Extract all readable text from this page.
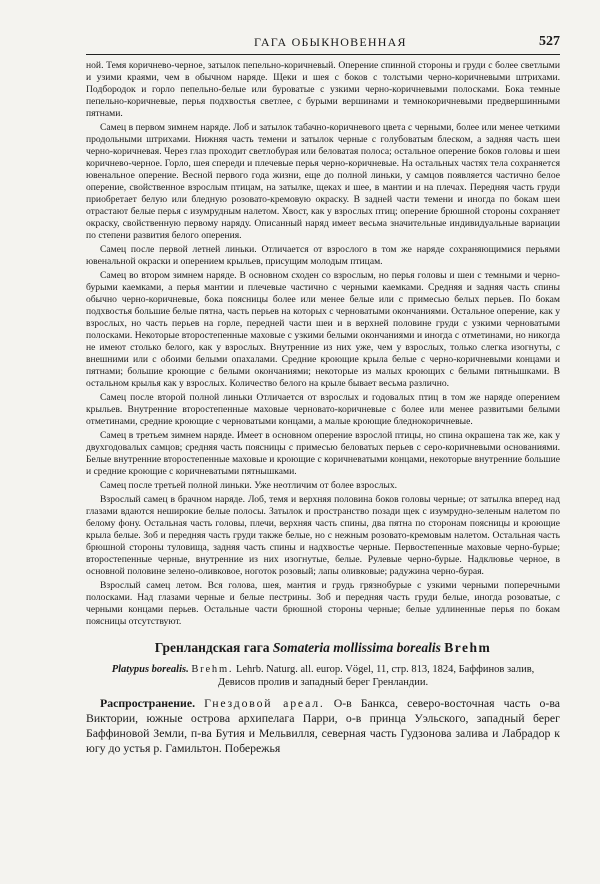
ГАГА ОБЫКНОВЕННАЯ	527

ной. Темя коричнево-черное, затылок пепельно-коричневый. Оперение спинной стороны и груди с более светлыми и узими краями, чем в обычном наряде. Щеки и шея с боков с толстыми черно-коричневыми штрихами. Подбородок и горло пепельно-белые или буроватые с узкими черно-коричневыми полосками. Бока темные пепельно-коричневые, перья подхвостья светлее, с бурыми вершинами и темнокоричневыми предвершинными пятнами.

Самец в первом зимнем наряде. Лоб и затылок табачно-коричневого цвета с черными, более или менее четкими продольными штрихами. Нижняя часть темени и затылок черные с голубоватым блеском, а задняя часть шеи черно-коричневая. Через глаз проходит светлобурая или беловатая полоса; остальное оперение боков головы и шеи коричнево-черное. Горло, шея спереди и плечевые перья черно-коричневые. На остальных частях тела сохраняется ювенальное оперение. Весной первого года жизни, еще до полной линьки, у самцов появляется частично белое оперение, свойственное взрослым птицам, на затылке, щеках и шее, в мантии и на плечах. Передняя часть груди приобретает белую или бледную розовато-кремовую окраску. В задней части темени и иногда по бокам шеи отрастают белые перья с изумрудным налетом. Хвост, как у взрослых птиц; оперение брюшной стороны сохраняет окраску, свойственную первому наряду. Описанный наряд имеет весьма значительные индивидуальные вариации по степени развития белого оперения.

Самец после первой летней линьки. Отличается от взрослого в том же наряде сохраняющимися перьями ювенальной окраски и оперением крыльев, присущим молодым птицам.

Самец во втором зимнем наряде. В основном сходен со взрослым, но перья головы и шеи с темными и черно-бурыми каемками, а перья мантии и плечевые частично с черными каемками. Средняя и задняя часть спины обычно черно-коричневые, бока поясницы более или менее белые или с примесью белых перьев. По бокам подхвостья большие белые пятна, часть перьев на которых с черноватыми окончаниями. Остальное оперение, как у взрослых, но часть перьев на горле, передней части шеи и в верхней половине груди с узкими черноватыми полосками. Некоторые второстепенные маховые с узкими белыми окончаниями и иногда с отметинами, но никогда не имеют столько белого, как у взрослых. Внутренние из них уже, чем у взрослых, только слегка изогнуты, с внешними или с обоими белыми опахалами. Средние кроющие крыла белые с черно-коричневыми концами и пятнами; большие кроющие с белыми окончаниями; некоторые из малых кроющих с белыми пятнышками. В остальном крылья как у взрослых. Количество белого на крыле бывает весьма различно.

Самец после второй полной линьки Отличается от взрослых и годовалых птиц в том же наряде оперением крыльев. Внутренние второстепенные маховые черновато-коричневые с более или менее развитыми белыми отметинами, средние кроющие с черноватыми концами, а малые кроющие бледнокоричневые.

Самец в третьем зимнем наряде. Имеет в основном оперение взрослой птицы, но спина окрашена так же, как у двухгодовалых самцов; средняя часть поясницы с примесью беловатых перьев с серо-коричневыми основаниями. Белые внутренние второстепенные маховые и кроющие с коричневатыми концами, некоторые внутренние большие и средние кроющие с коричневатыми пятнышками.

Самец после третьей полной линьки. Уже неотличим от более взрослых.

Взрослый самец в брачном наряде. Лоб, темя и верхняя половина боков головы черные; от затылка вперед над глазами вдаются неширокие белые полосы. Затылок и пространство позади щек с изумрудно-зеленым налетом по белому фону. Остальная часть головы, плечи, верхняя часть спины, два пятна по сторонам поясницы и кроющие крыла белые. Зоб и передняя часть груди также белые, но с нежным розовато-кремовым налетом. Остальная часть брюшной стороны туловища, задняя часть спины и надхвостье черные. Первостепенные маховые черно-бурые; второстепенные черные, внутренние из них изогнутые, белые. Рулевые черно-бурые. Надклювье черное, в основной половине зелено-оливковое, ноготок розовый; лапы оливковые; радужина черно-бурая.

Взрослый самец летом. Вся голова, шея, мантия и грудь грязнобурые с узкими черными поперечными полосками. Над глазами черные и белые пестрины. Зоб и передняя часть груди белые, иногда розоватые, с черными концами перьев. Остальные части брюшной стороны черные; белые удлиненные перья по бокам поясницы отсутствуют.

Гренландская гага Somateria mollissima borealis Brehm
Platypus borealis. Brehm. Lehrb. Naturg. all. europ. Vögel, 11, стр. 813, 1824, Баффинов залив, Девисов пролив и западный берег Гренландии.

Распространение. Гнездовой ареал. О-в Банкса, северо-восточная часть о-ва Виктории, южные острова архипелага Парри, о-в принца Уэльского, западный берег Баффиновой Земли, п-ва Бутия и Мельвилля, северная часть Гудзонова залива и Лабрадор к югу до устья р. Гамильтон. Побережья
